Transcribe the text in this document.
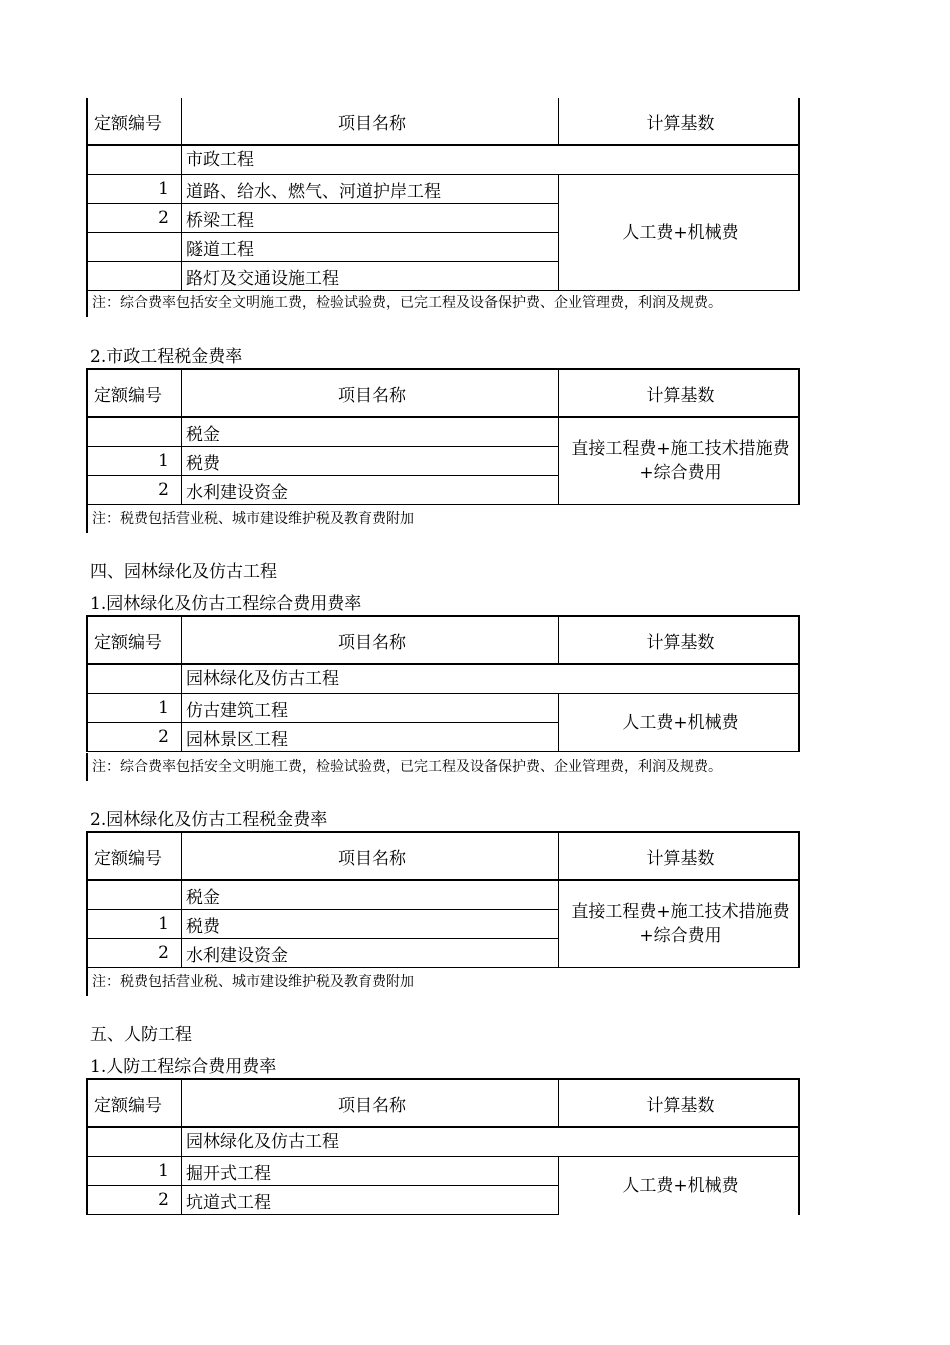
定额编号	项目名称	计算基数
	市政工程	
1	道路、给水、燃气、河道护岸工程	人工费+机械费
2	桥梁工程	
	隧道工程	
	路灯及交通设施工程	
注：综合费率包括安全文明施工费，检验试验费，已完工程及设备保护费、企业管理费，利润及规费。
2.市政工程税金费率
定额编号	项目名称	计算基数
	税金	直接工程费+施工技术措施费+综合费用
1	税费	
2	水利建设资金	
注：税费包括营业税、城市建设维护税及教育费附加
四、园林绿化及仿古工程
1.园林绿化及仿古工程综合费用费率
定额编号	项目名称	计算基数
	园林绿化及仿古工程	
1	仿古建筑工程	人工费+机械费
2	园林景区工程	
注：综合费率包括安全文明施工费，检验试验费，已完工程及设备保护费、企业管理费，利润及规费。
2.园林绿化及仿古工程税金费率
定额编号	项目名称	计算基数
	税金	直接工程费+施工技术措施费+综合费用
1	税费	
2	水利建设资金	
注：税费包括营业税、城市建设维护税及教育费附加
五、人防工程
1.人防工程综合费用费率
定额编号	项目名称	计算基数
	园林绿化及仿古工程	
1	掘开式工程	人工费+机械费
2	坑道式工程	
